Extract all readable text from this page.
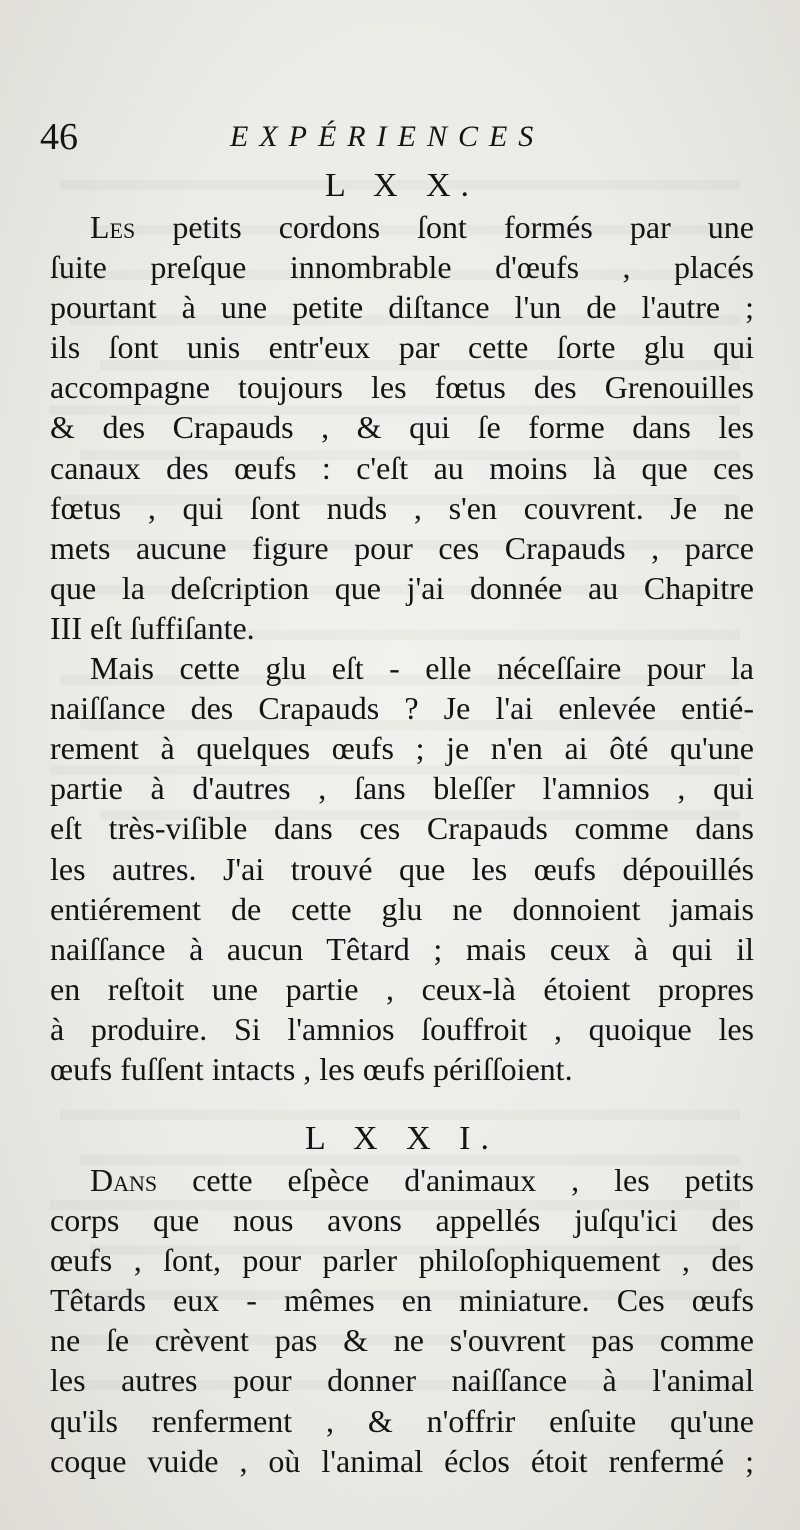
46	EXPÉRIENCES
L X X.
Les petits cordons ſont formés par une
ſuite preſque innombrable d'œufs , placés
pourtant à une petite diſtance l'un de l'autre ;
ils ſont unis entr'eux par cette ſorte glu qui
accompagne toujours les fœtus des Grenouilles
& des Crapauds , & qui ſe forme dans les
canaux des œufs : c'eſt au moins là que ces
fœtus , qui ſont nuds , s'en couvrent. Je ne
mets aucune figure pour ces Crapauds , parce
que la deſcription que j'ai donnée au Chapitre
III eſt ſuffiſante.
Mais cette glu eſt - elle néceſſaire pour la
naiſſance des Crapauds ? Je l'ai enlevée entié-
rement à quelques œufs ; je n'en ai ôté qu'une
partie à d'autres , ſans bleſſer l'amnios , qui
eſt très-viſible dans ces Crapauds comme dans
les autres. J'ai trouvé que les œufs dépouillés
entiérement de cette glu ne donnoient jamais
naiſſance à aucun Têtard ; mais ceux à qui il
en reſtoit une partie , ceux-là étoient propres
à produire. Si l'amnios ſouffroit , quoique les
œufs fuſſent intacts , les œufs périſſoient.
L X X I.
Dans cette eſpèce d'animaux , les petits
corps que nous avons appellés juſqu'ici des
œufs , ſont, pour parler philoſophiquement , des
Têtards eux - mêmes en miniature. Ces œufs
ne ſe crèvent pas & ne s'ouvrent pas comme
les autres pour donner naiſſance à l'animal
qu'ils renferment , & n'offrir enſuite qu'une
coque vuide , où l'animal éclos étoit renfermé ;
